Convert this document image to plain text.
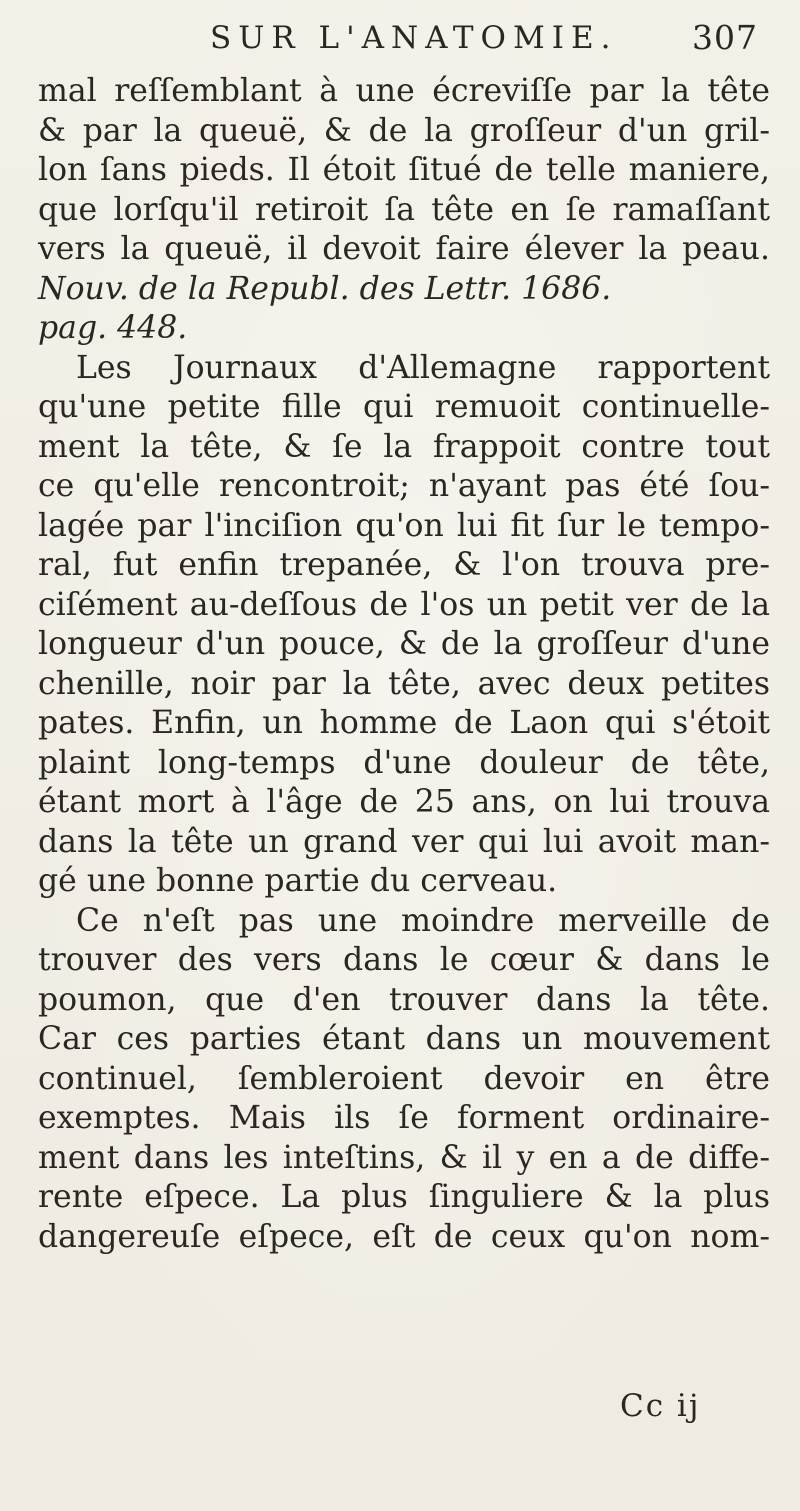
SUR L'ANATOMIE. 307
mal reſſemblant à une écreviſſe par la tête
& par la queuë, & de la groſſeur d'un gril-
lon ſans pieds. Il étoit ſitué de telle maniere,
que lorſqu'il retiroit ſa tête en ſe ramaſſant
vers la queuë, il devoit faire élever la peau.
Nouv. de la Republ. des Lettr. 1686.
pag. 448.
Les Journaux d'Allemagne rapportent
qu'une petite fille qui remuoit continuelle-
ment la tête, & ſe la frappoit contre tout
ce qu'elle rencontroit; n'ayant pas été ſou-
lagée par l'inciſion qu'on lui fit ſur le tempo-
ral, fut enfin trepanée, & l'on trouva pre-
ciſément au-deſſous de l'os un petit ver de la
longueur d'un pouce, & de la groſſeur d'une
chenille, noir par la tête, avec deux petites
pates. Enfin, un homme de Laon qui s'étoit
plaint long-temps d'une douleur de tête,
étant mort à l'âge de 25 ans, on lui trouva
dans la tête un grand ver qui lui avoit man-
gé une bonne partie du cerveau.
Ce n'eſt pas une moindre merveille de
trouver des vers dans le cœur & dans le
poumon, que d'en trouver dans la tête.
Car ces parties étant dans un mouvement
continuel, ſembleroient devoir en être
exemptes. Mais ils ſe forment ordinaire-
ment dans les inteſtins, & il y en a de diffe-
rente eſpece. La plus ſinguliere & la plus
dangereuſe eſpece, eſt de ceux qu'on nom-
Cc ij
